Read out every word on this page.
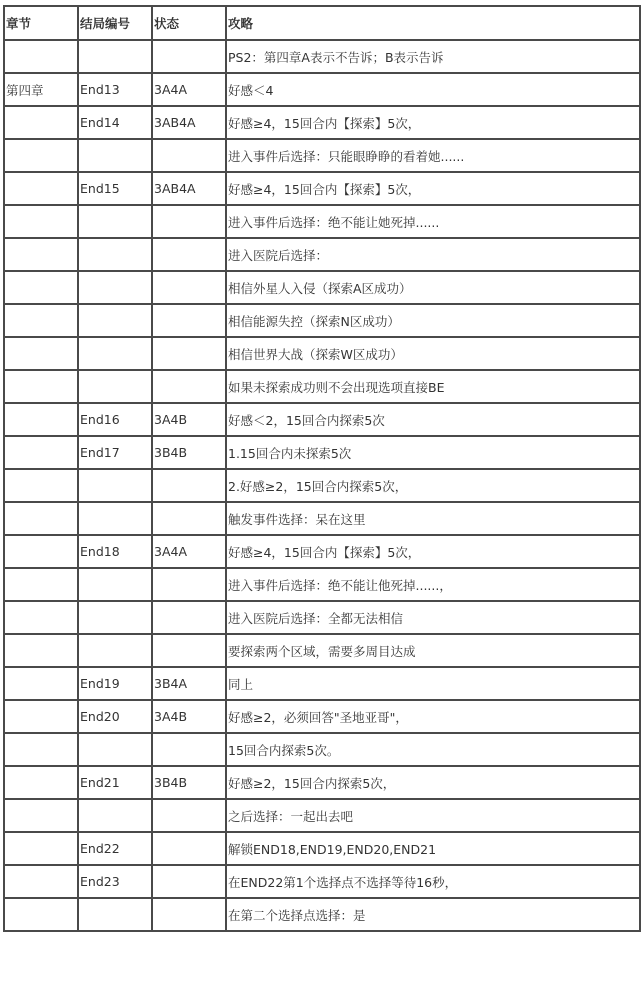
章节	结局编号	状态	攻略
			PS2：第四章A表示不告诉；B表示告诉
第四章	End13	3A4A	好感＜4
	End14	3AB4A	好感≥4，15回合内【探索】5次，
			进入事件后选择：只能眼睁睁的看着她......
	End15	3AB4A	好感≥4，15回合内【探索】5次，
			进入事件后选择：绝不能让她死掉......
			进入医院后选择：
			相信外星人入侵（探索A区成功）
			相信能源失控（探索N区成功）
			相信世界大战（探索W区成功）
			如果未探索成功则不会出现选项直接BE
	End16	3A4B	好感＜2，15回合内探索5次
	End17	3B4B	1.15回合内未探索5次
			2.好感≥2，15回合内探索5次，
			触发事件选择：呆在这里
	End18	3A4A	好感≥4，15回合内【探索】5次，
			进入事件后选择：绝不能让他死掉......，
			进入医院后选择：全都无法相信
			要探索两个区域，需要多周目达成
	End19	3B4A	同上
	End20	3A4B	好感≥2，必须回答"圣地亚哥"，
			15回合内探索5次。
	End21	3B4B	好感≥2，15回合内探索5次，
			之后选择：一起出去吧
	End22		解锁END18,END19,END20,END21
	End23		在END22第1个选择点不选择等待16秒，
			在第二个选择点选择：是
